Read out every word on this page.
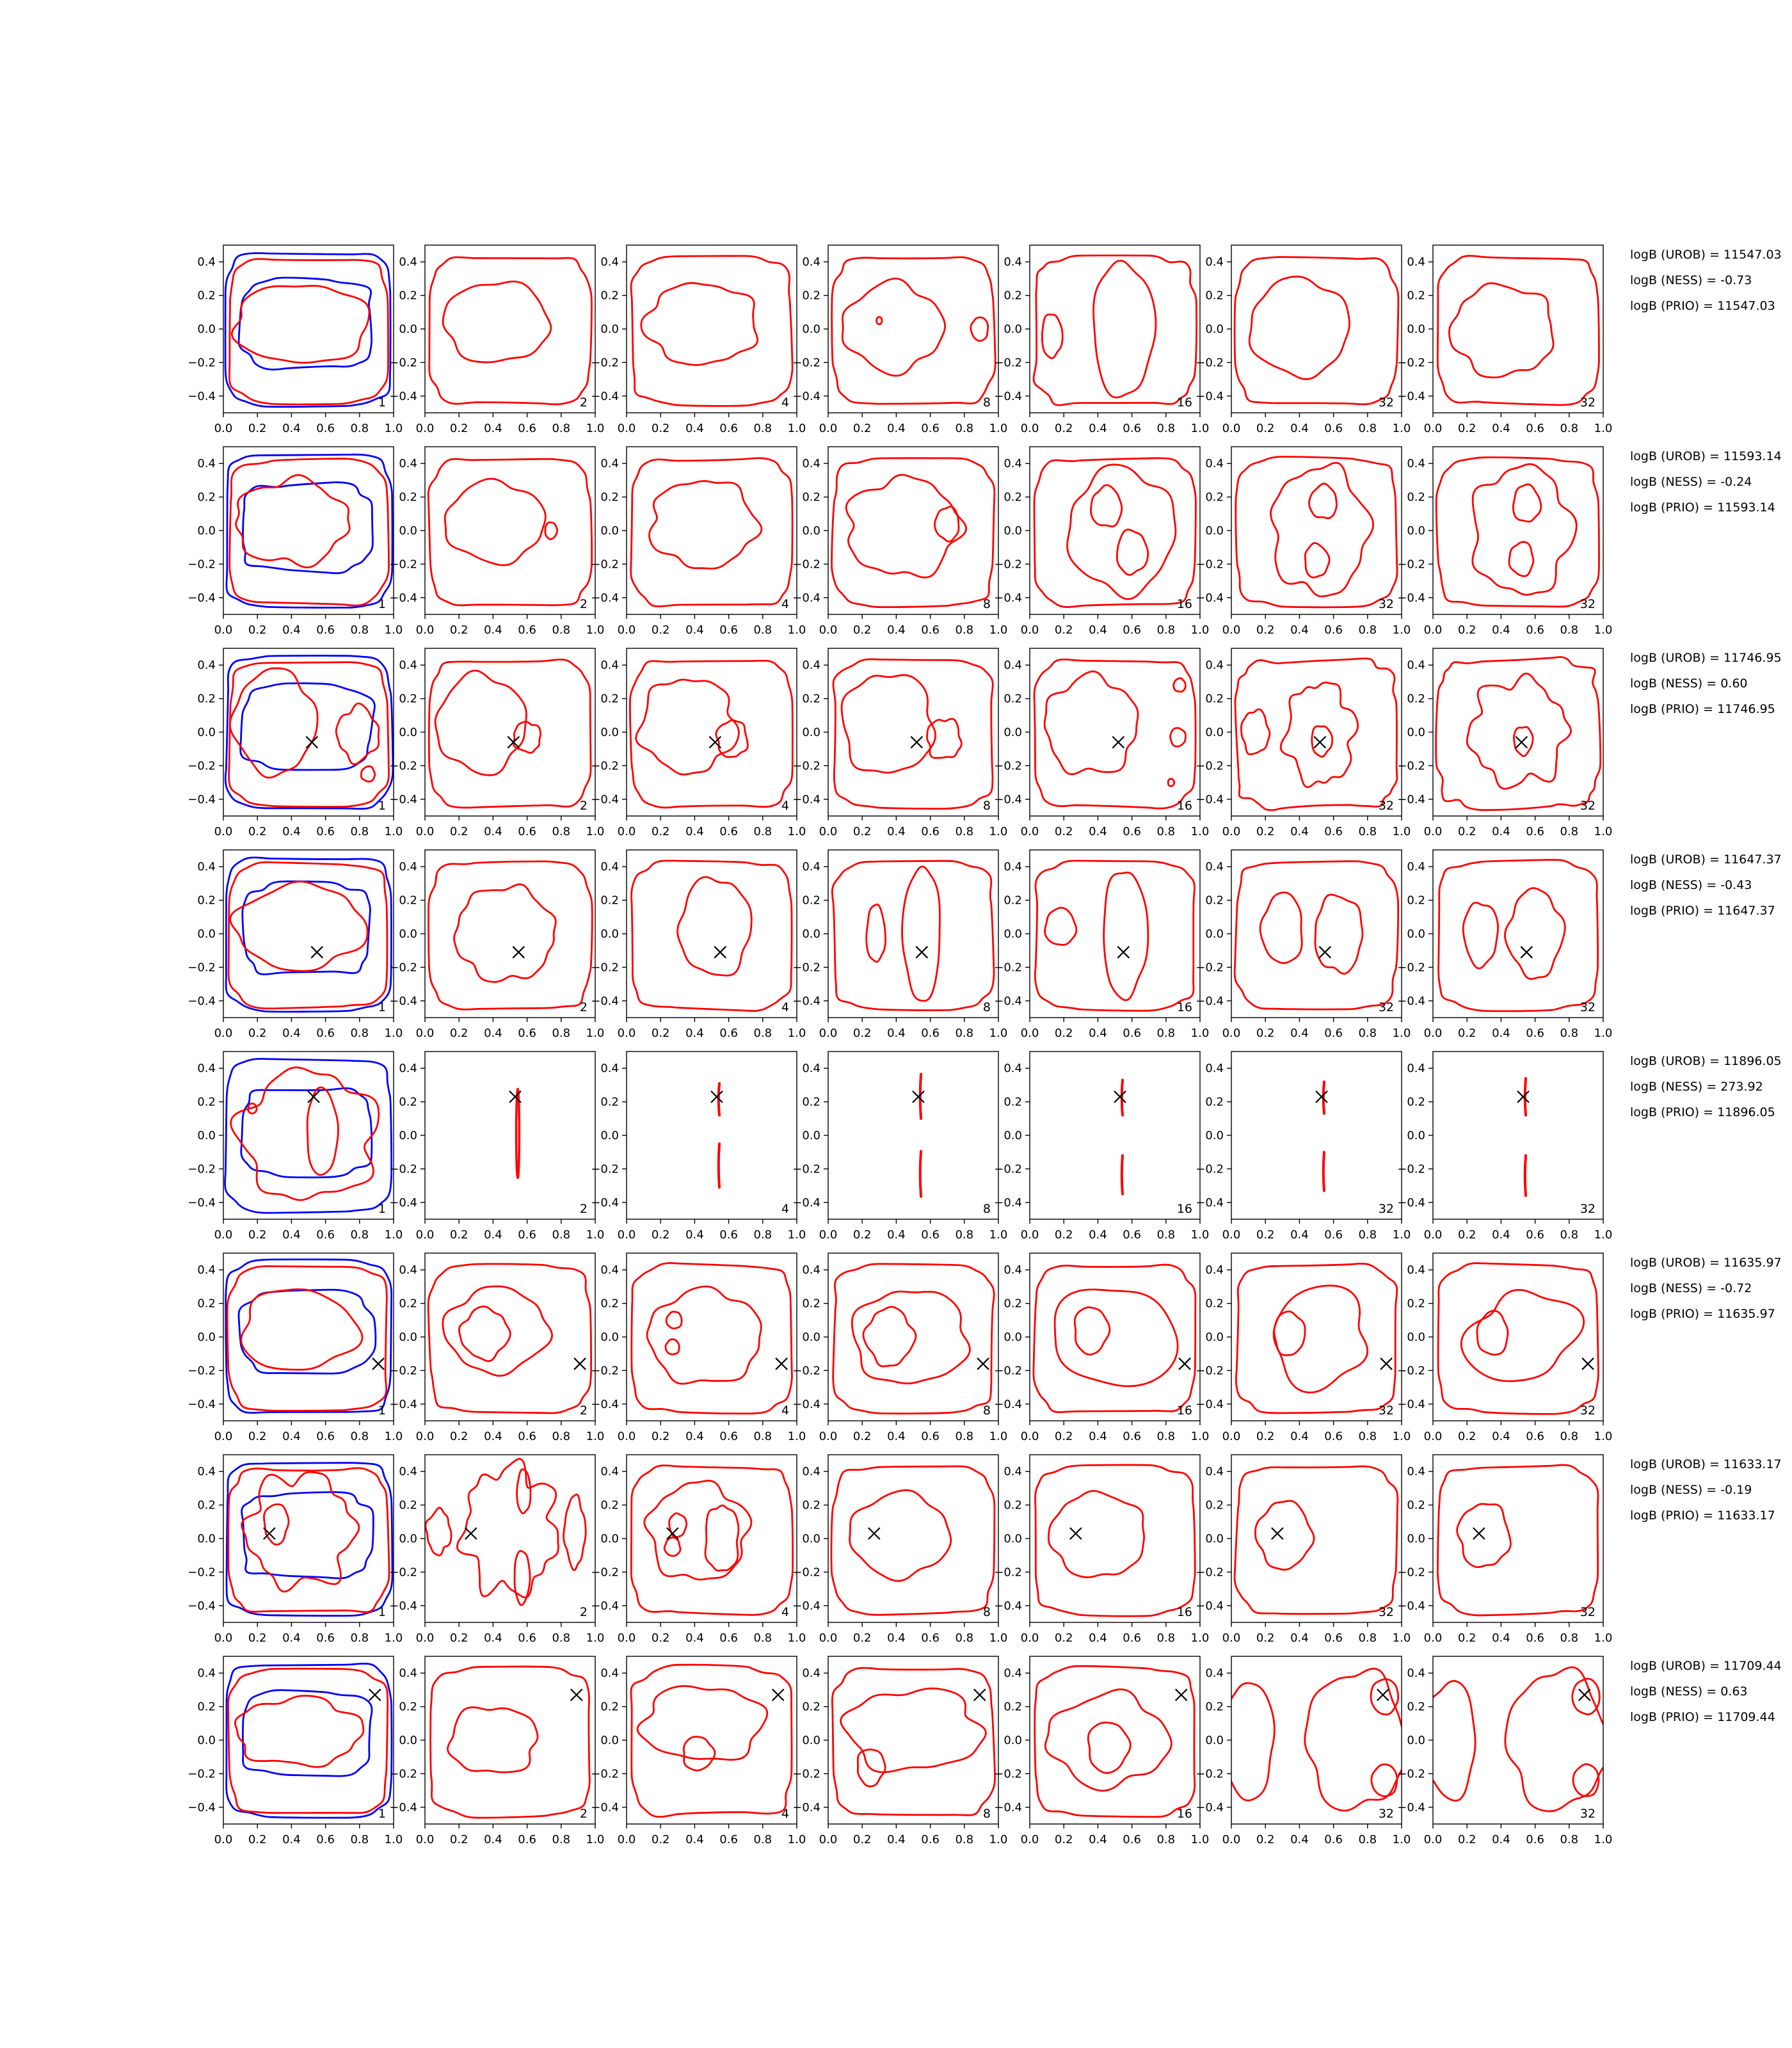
0.0 0.2 0.4 0.6 0.8 1.0
0.4
0.2
0.0
−0.2
−0.4	1
0.0 0.2 0.4 0.6 0.8 1.0
0.4
0.2
0.0
−0.2
−0.4	2
0.0 0.2 0.4 0.6 0.8 1.0
0.4
0.2
0.0
−0.2
−0.4	4
0.0 0.2 0.4 0.6 0.8 1.0
0.4
0.2
0.0
−0.2
−0.4	8
0.0 0.2 0.4 0.6 0.8 1.0
0.4
0.2
0.0
−0.2
−0.4	16
0.0 0.2 0.4 0.6 0.8 1.0
0.4
0.2
0.0
−0.2
−0.4	32
0.0 0.2 0.4 0.6 0.8 1.0
0.4
0.2
0.0
−0.2
−0.4	32
0.0 0.2 0.4 0.6 0.8 1.0
0.4
0.2
0.0
−0.2
−0.4	1
0.0 0.2 0.4 0.6 0.8 1.0
0.4
0.2
0.0
−0.2
−0.4	2
0.0 0.2 0.4 0.6 0.8 1.0
0.4
0.2
0.0
−0.2
−0.4	4
0.0 0.2 0.4 0.6 0.8 1.0
0.4
0.2
0.0
−0.2
−0.4	8
0.0 0.2 0.4 0.6 0.8 1.0
0.4
0.2
0.0
−0.2
−0.4	16
0.0 0.2 0.4 0.6 0.8 1.0
0.4
0.2
0.0
−0.2
−0.4	32
0.0 0.2 0.4 0.6 0.8 1.0
0.4
0.2
0.0
−0.2
−0.4	32
0.0 0.2 0.4 0.6 0.8 1.0
0.4
0.2
0.0
−0.2
−0.4	1
0.0 0.2 0.4 0.6 0.8 1.0
0.4
0.2
0.0
−0.2
−0.4	2
0.0 0.2 0.4 0.6 0.8 1.0
0.4
0.2
0.0
−0.2
−0.4	4
0.0 0.2 0.4 0.6 0.8 1.0
0.4
0.2
0.0
−0.2
−0.4	8
0.0 0.2 0.4 0.6 0.8 1.0
0.4
0.2
0.0
−0.2
−0.4	16
0.0 0.2 0.4 0.6 0.8 1.0
0.4
0.2
0.0
−0.2
−0.4	32
0.0 0.2 0.4 0.6 0.8 1.0
0.4
0.2
0.0
−0.2
−0.4	32
0.0 0.2 0.4 0.6 0.8 1.0
0.4
0.2
0.0
−0.2
−0.4	1
0.0 0.2 0.4 0.6 0.8 1.0
0.4
0.2
0.0
−0.2
−0.4	2
0.0 0.2 0.4 0.6 0.8 1.0
0.4
0.2
0.0
−0.2
−0.4	4
0.0 0.2 0.4 0.6 0.8 1.0
0.4
0.2
0.0
−0.2
−0.4	8
0.0 0.2 0.4 0.6 0.8 1.0
0.4
0.2
0.0
−0.2
−0.4	16
0.0 0.2 0.4 0.6 0.8 1.0
0.4
0.2
0.0
−0.2
−0.4	32
0.0 0.2 0.4 0.6 0.8 1.0
0.4
0.2
0.0
−0.2
−0.4	32
0.0 0.2 0.4 0.6 0.8 1.0
0.4
0.2
0.0
−0.2
−0.4	1
0.0 0.2 0.4 0.6 0.8 1.0
0.4
0.2
0.0
−0.2
−0.4	2
0.0 0.2 0.4 0.6 0.8 1.0
0.4
0.2
0.0
−0.2
−0.4	4
0.0 0.2 0.4 0.6 0.8 1.0
0.4
0.2
0.0
−0.2
−0.4	8
0.0 0.2 0.4 0.6 0.8 1.0
0.4
0.2
0.0
−0.2
−0.4	16
0.0 0.2 0.4 0.6 0.8 1.0
0.4
0.2
0.0
−0.2
−0.4	32
0.0 0.2 0.4 0.6 0.8 1.0
0.4
0.2
0.0
−0.2
−0.4	32
0.0 0.2 0.4 0.6 0.8 1.0
0.4
0.2
0.0
−0.2
−0.4	1
0.0 0.2 0.4 0.6 0.8 1.0
0.4
0.2
0.0
−0.2
−0.4	2
0.0 0.2 0.4 0.6 0.8 1.0
0.4
0.2
0.0
−0.2
−0.4	4
0.0 0.2 0.4 0.6 0.8 1.0
0.4
0.2
0.0
−0.2
−0.4	8
0.0 0.2 0.4 0.6 0.8 1.0
0.4
0.2
0.0
−0.2
−0.4	16
0.0 0.2 0.4 0.6 0.8 1.0
0.4
0.2
0.0
−0.2
−0.4	32
0.0 0.2 0.4 0.6 0.8 1.0
0.4
0.2
0.0
−0.2
−0.4	32
0.0 0.2 0.4 0.6 0.8 1.0
0.4
0.2
0.0
−0.2
−0.4	1
0.0 0.2 0.4 0.6 0.8 1.0
0.4
0.2
0.0
−0.2
−0.4	2
0.0 0.2 0.4 0.6 0.8 1.0
0.4
0.2
0.0
−0.2
−0.4	4
0.0 0.2 0.4 0.6 0.8 1.0
0.4
0.2
0.0
−0.2
−0.4	8
0.0 0.2 0.4 0.6 0.8 1.0
0.4
0.2
0.0
−0.2
−0.4	16
0.0 0.2 0.4 0.6 0.8 1.0
0.4
0.2
0.0
−0.2
−0.4	32
0.0 0.2 0.4 0.6 0.8 1.0
0.4
0.2
0.0
−0.2
−0.4	32
0.0 0.2 0.4 0.6 0.8 1.0
0.4
0.2
0.0
−0.2
−0.4	1
0.0 0.2 0.4 0.6 0.8 1.0
0.4
0.2
0.0
−0.2
−0.4	2
0.0 0.2 0.4 0.6 0.8 1.0
0.4
0.2
0.0
−0.2
−0.4	4
0.0 0.2 0.4 0.6 0.8 1.0
0.4
0.2
0.0
−0.2
−0.4	8
0.0 0.2 0.4 0.6 0.8 1.0
0.4
0.2
0.0
−0.2
−0.4	16
0.0 0.2 0.4 0.6 0.8 1.0
0.4
0.2
0.0
−0.2
−0.4	32
0.0 0.2 0.4 0.6 0.8 1.0
0.4
0.2
0.0
−0.2
−0.4	32
logB (UROB) = 11547.03
logB (NESS) = -0.73
logB (PRIO) = 11547.03
logB (UROB) = 11593.14
logB (NESS) = -0.24
logB (PRIO) = 11593.14
logB (UROB) = 11746.95
logB (NESS) = 0.60
logB (PRIO) = 11746.95
logB (UROB) = 11647.37
logB (NESS) = -0.43
logB (PRIO) = 11647.37
logB (UROB) = 11896.05
logB (NESS) = 273.92
logB (PRIO) = 11896.05
logB (UROB) = 11635.97
logB (NESS) = -0.72
logB (PRIO) = 11635.97
logB (UROB) = 11633.17
logB (NESS) = -0.19
logB (PRIO) = 11633.17
logB (UROB) = 11709.44
logB (NESS) = 0.63
logB (PRIO) = 11709.44
